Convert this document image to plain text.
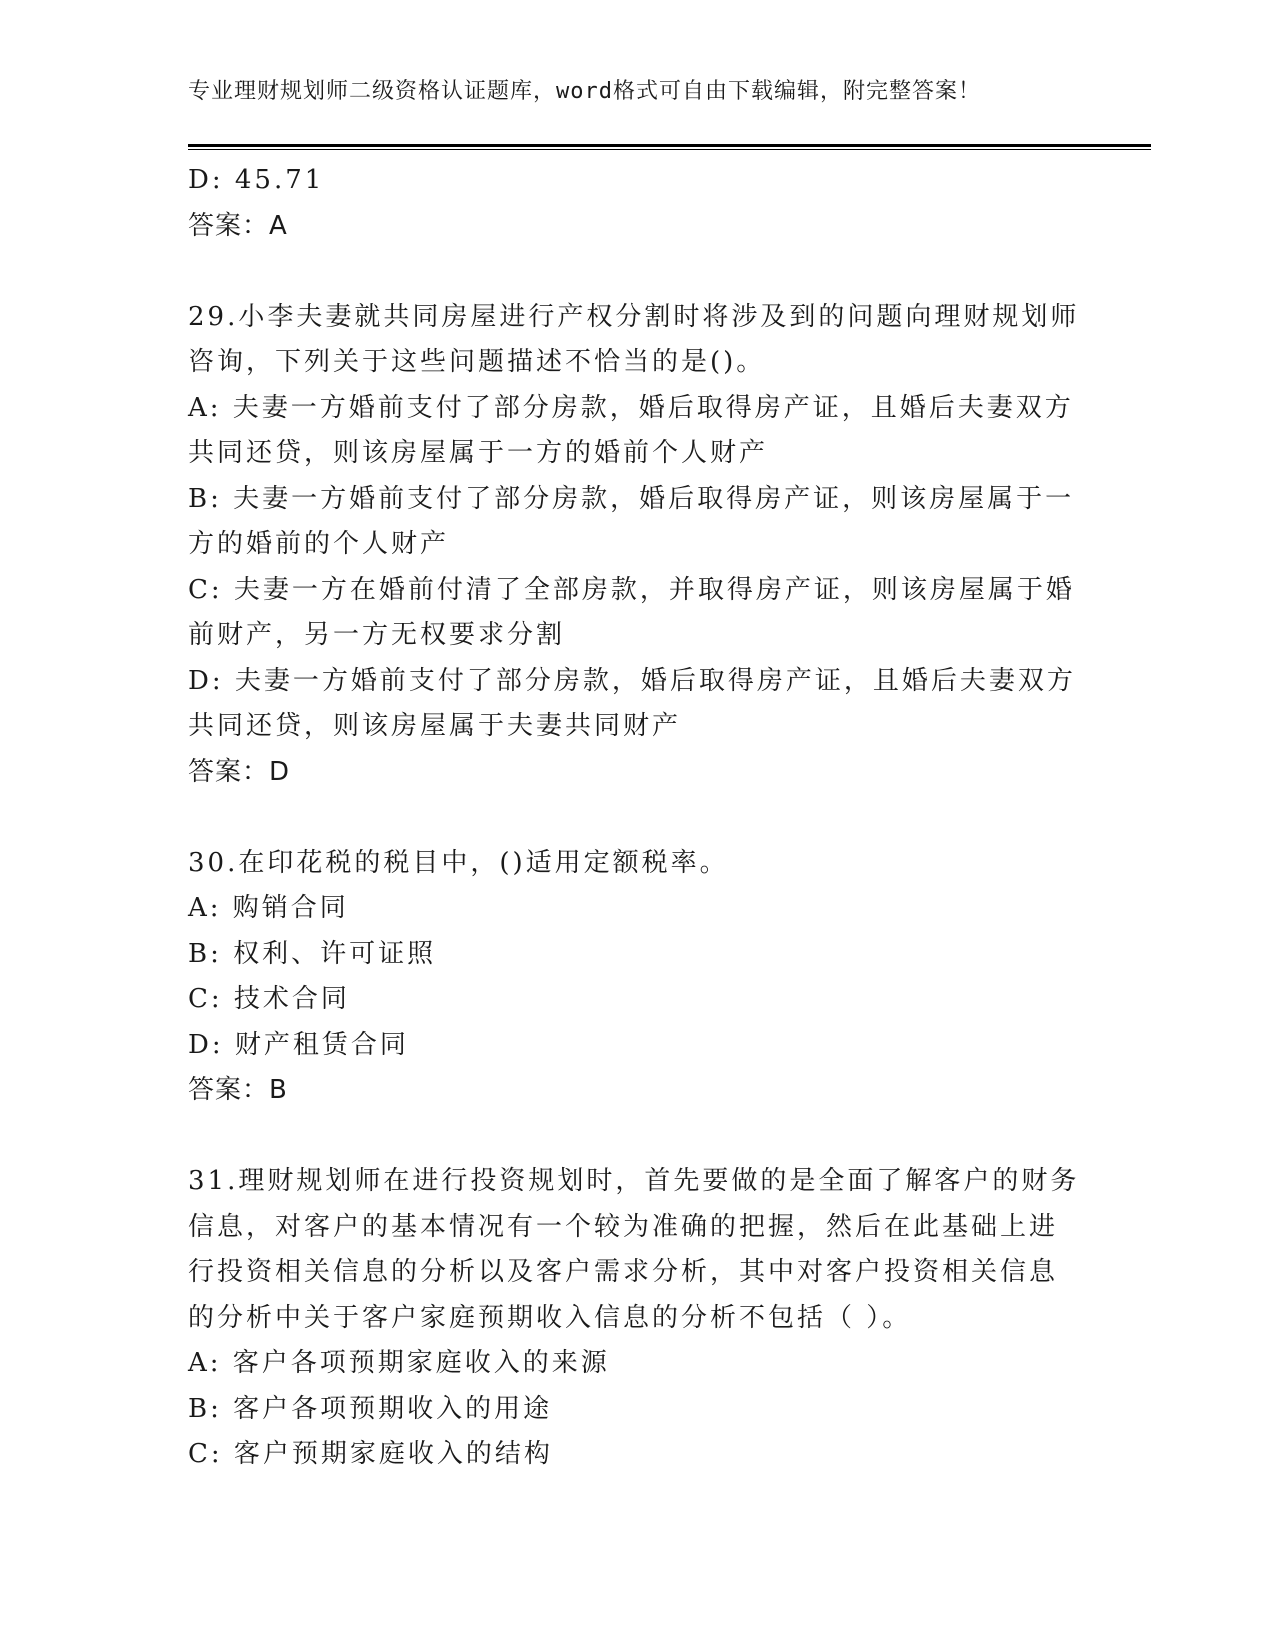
专业理财规划师二级资格认证题库，word格式可自由下载编辑，附完整答案！
D: 45.71
答案：A
29.小李夫妻就共同房屋进行产权分割时将涉及到的问题向理财规划师
咨询，下列关于这些问题描述不恰当的是()。
A: 夫妻一方婚前支付了部分房款，婚后取得房产证，且婚后夫妻双方
共同还贷，则该房屋属于一方的婚前个人财产
B: 夫妻一方婚前支付了部分房款，婚后取得房产证，则该房屋属于一
方的婚前的个人财产
C: 夫妻一方在婚前付清了全部房款，并取得房产证，则该房屋属于婚
前财产，另一方无权要求分割
D: 夫妻一方婚前支付了部分房款，婚后取得房产证，且婚后夫妻双方
共同还贷，则该房屋属于夫妻共同财产
答案：D
30.在印花税的税目中，()适用定额税率。
A: 购销合同
B: 权利、许可证照
C: 技术合同
D: 财产租赁合同
答案：B
31.理财规划师在进行投资规划时，首先要做的是全面了解客户的财务
信息，对客户的基本情况有一个较为准确的把握，然后在此基础上进
行投资相关信息的分析以及客户需求分析，其中对客户投资相关信息
的分析中关于客户家庭预期收入信息的分析不包括（ ）。
A: 客户各项预期家庭收入的来源
B: 客户各项预期收入的用途
C: 客户预期家庭收入的结构
